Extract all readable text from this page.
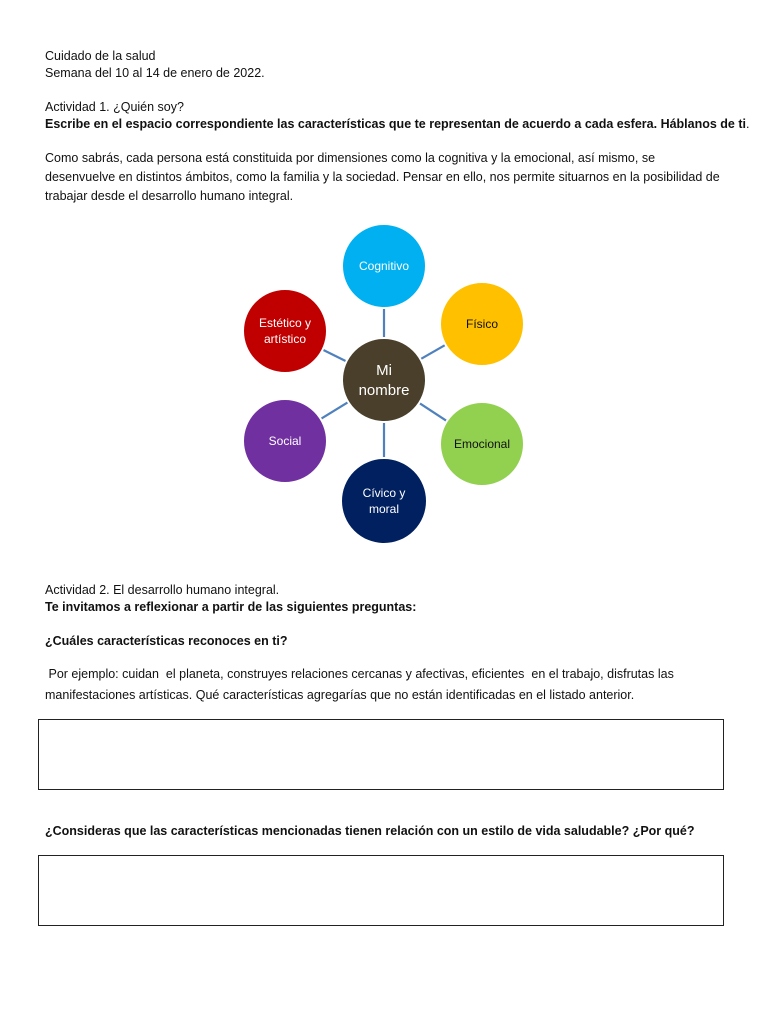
Cuidado de la salud

Semana del 10 al 14 de enero de 2022.

Actividad 1. ¿Quién soy?

Escribe en el espacio correspondiente las características que te representan de acuerdo a cada esfera. Háblanos de ti.

Como sabrás, cada persona está constituida por dimensiones como la cognitiva y la emocional, así mismo, se desenvuelve en distintos ámbitos, como la familia y la sociedad. Pensar en ello, nos permite situarnos en la posibilidad de trabajar desde el desarrollo humano integral.

Cognitivo
Físico
Emocional
Cívico y
moral
Social
Estético y
artístico
Mi
nombre

Actividad 2. El desarrollo humano integral.

Te invitamos a reflexionar a partir de las siguientes preguntas:

¿Cuáles características reconoces en ti?

Por ejemplo: cuidan  el planeta, construyes relaciones cercanas y afectivas, eficientes  en el trabajo, disfrutas las manifestaciones artísticas. Qué características agregarías que no están identificadas en el listado anterior.

¿Consideras que las características mencionadas tienen relación con un estilo de vida saludable? ¿Por qué?
